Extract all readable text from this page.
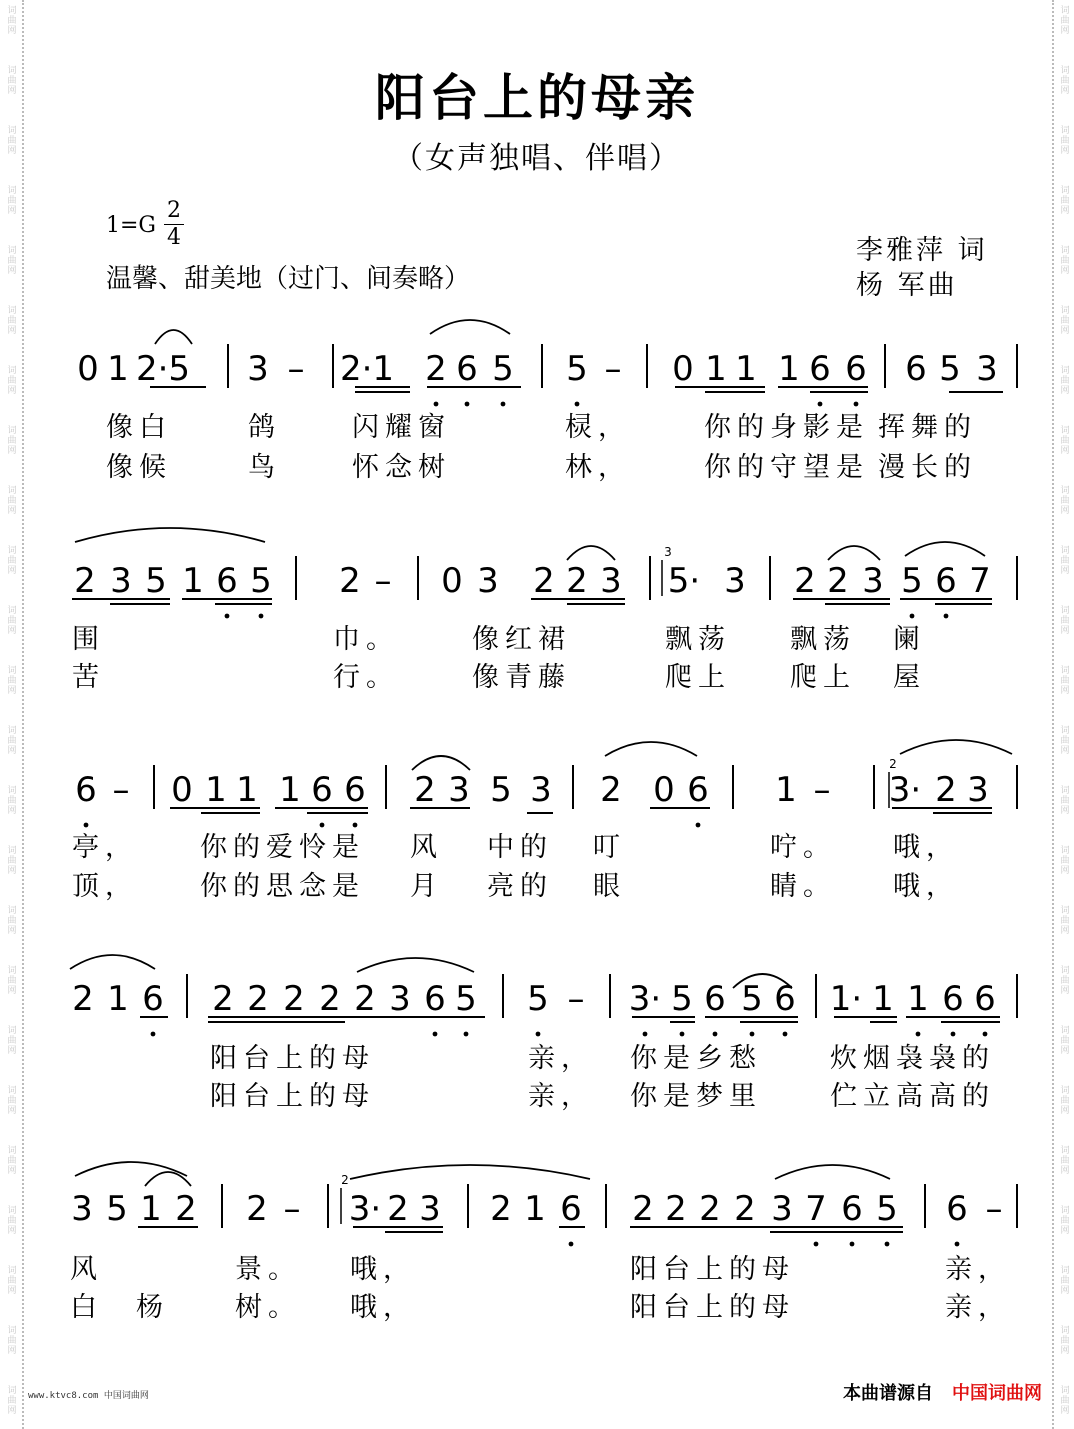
词
曲
网
词
曲
网
词
曲
网
词
曲
网
词
曲
网
词
曲
网
词
曲
网
词
曲
网
词
曲
网
词
曲
网
词
曲
网
词
曲
网
词
曲
网
词
曲
网
词
曲
网
词
曲
网
词
曲
网
词
曲
网
词
曲
网
词
曲
网
词
曲
网
词
曲
网
词
曲
网
词
曲
网
词
曲
网
词
曲
网
词
曲
网
词
曲
网
词
曲
网
词
曲
网
词
曲
网
词
曲
网
词
曲
网
词
曲
网
词
曲
网
词
曲
网
词
曲
网
词
曲
网
词
曲
网
词
曲
网
词
曲
网
词
曲
网
词
曲
网
词
曲
网
词
曲
网
词
曲
网
词
曲
网
词
曲
网
阳台上的母亲
（女声独唱、伴唱）
1=G
2
4
温馨、甜美地（过门、间奏略）
李雅萍 词
杨 军曲
0 1 2·5 3 – 2·1 2 6 5 5 – 0 1 1 1 6 6 6 5 3
2 3 5 1 6 5 2 – 0 3 2 2 3 5· 3 2 2 3 5 6 7
3
6 – 0 1 1 1 6 6 2 3 5 3 2 0 6 1 – 3· 2 3
2
2 1 6 2 2 2 2 2 3 6 5 5 – 3· 5 6 5 6 1· 1 1 6 6
3 5 1 2 2 – 3· 2 3 2 1 6 2 2 2 2 3 7 6 5 6 –
2
像白	鸽	闪耀窗	棂，	你的身影是 挥舞的
像候	鸟	怀念树	林，	你的守望是 漫长的
围	巾。	像红裙	飘荡 飘荡 阑
苦	行。	像青藤	爬上 爬上 屋
亭， 你的爱怜是 风 中的 叮	咛。 哦，
顶， 你的思念是 月 亮的 眼	睛。 哦，
阳台上的母	亲， 你是乡愁	炊烟袅袅的
阳台上的母	亲， 你是梦里	伫立高高的
风	景。 哦，	阳台上的母	亲，
白 杨 树。 哦，	阳台上的母	亲，
www.ktvc8.com 中国词曲网	本曲谱源自 中国词曲网
